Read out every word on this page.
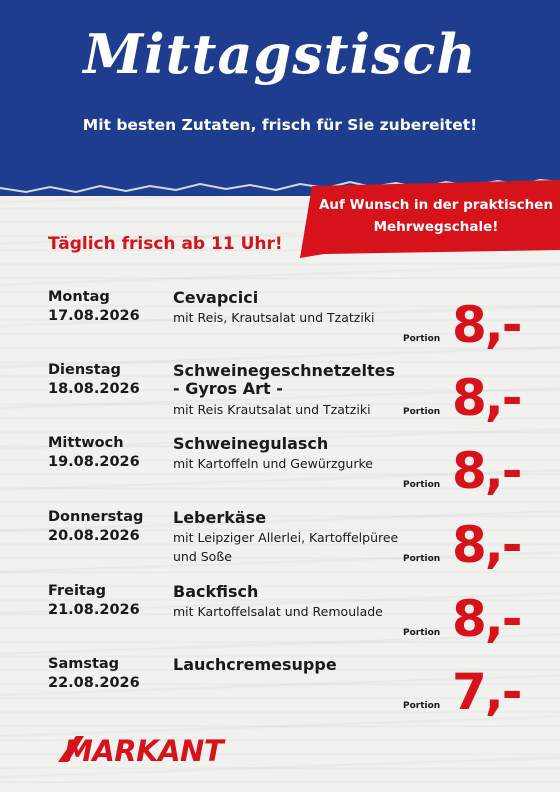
Mittagstisch
Mit besten Zutaten, frisch für Sie zubereitet!
Auf Wunsch in der praktischen
Mehrwegschale!
Täglich frisch ab 11 Uhr!
Montag
17.08.2026
Cevapcici
mit Reis, Krautsalat und Tzatziki
Portion 8,-
Dienstag
18.08.2026
Schweinegeschnetzeltes
- Gyros Art -
mit Reis Krautsalat und Tzatziki	Portion 8,-
Mittwoch
19.08.2026
Schweinegulasch
mit Kartoffeln und Gewürzgurke
Portion 8,-
Donnerstag
20.08.2026
Leberkäse
mit Leipziger Allerlei, Kartoffelpüree
und Soße	Portion 8,-
Freitag
21.08.2026
Backfisch
mit Kartoffelsalat und Remoulade
Portion 8,-
Samstag
22.08.2026
Lauchcremesuppe
Portion 7,-
MARKANT
